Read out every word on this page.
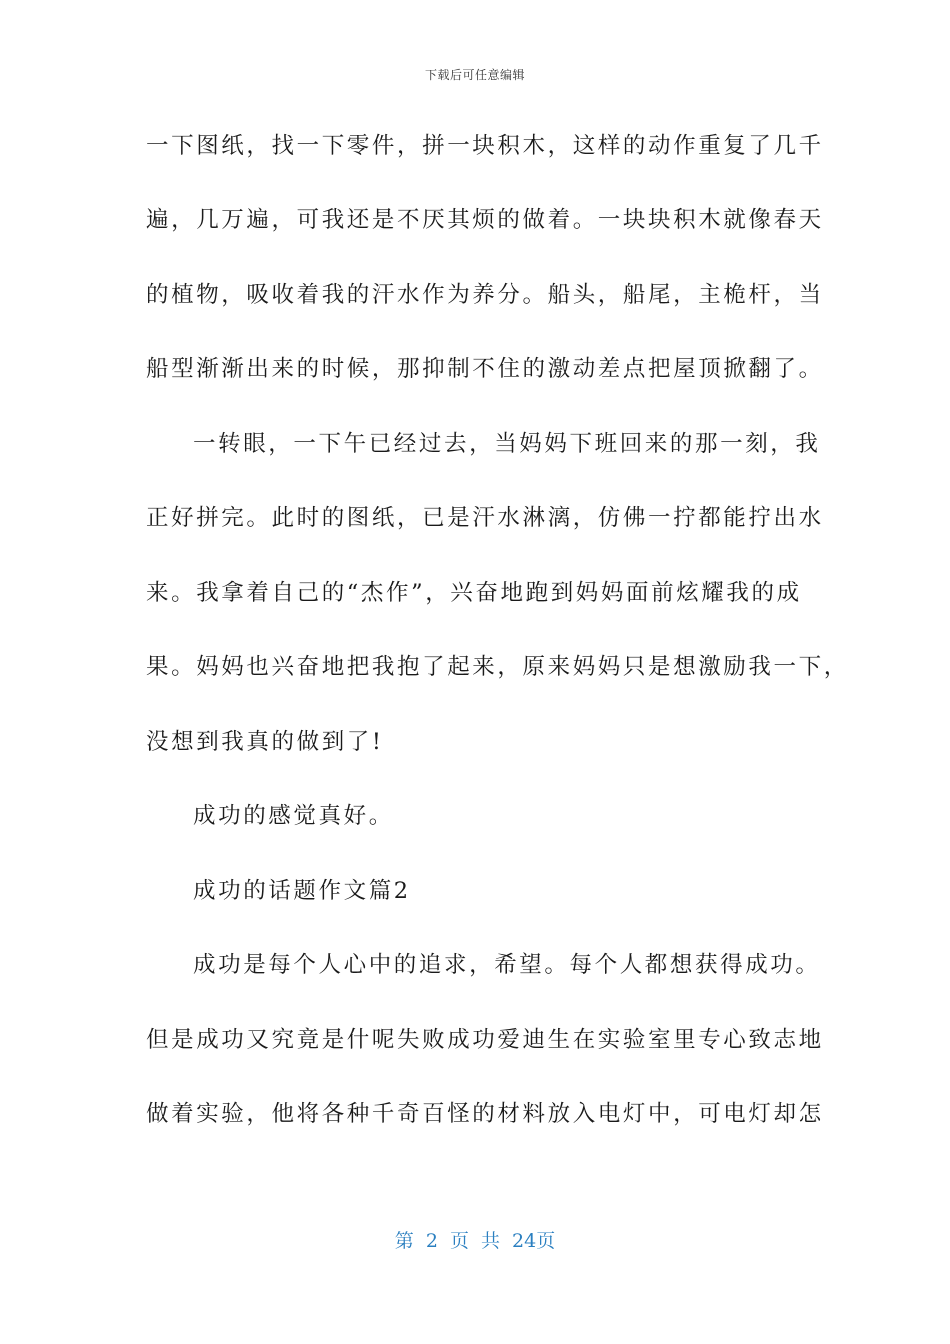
下载后可任意编辑
一下图纸，找一下零件，拼一块积木，这样的动作重复了几千
遍，几万遍，可我还是不厌其烦的做着。一块块积木就像春天
的植物，吸收着我的汗水作为养分。船头，船尾，主桅杆，当
船型渐渐出来的时候，那抑制不住的激动差点把屋顶掀翻了。
一转眼，一下午已经过去，当妈妈下班回来的那一刻，我
正好拼完。此时的图纸，已是汗水淋漓，仿佛一拧都能拧出水
来。我拿着自己的“杰作”，兴奋地跑到妈妈面前炫耀我的成
果。妈妈也兴奋地把我抱了起来，原来妈妈只是想激励我一下，
没想到我真的做到了!
成功的感觉真好。
成功的话题作文篇2
成功是每个人心中的追求，希望。每个人都想获得成功。
但是成功又究竟是什呢失败成功爱迪生在实验室里专心致志地
做着实验，他将各种千奇百怪的材料放入电灯中，可电灯却怎
第 2 页 共 24页
